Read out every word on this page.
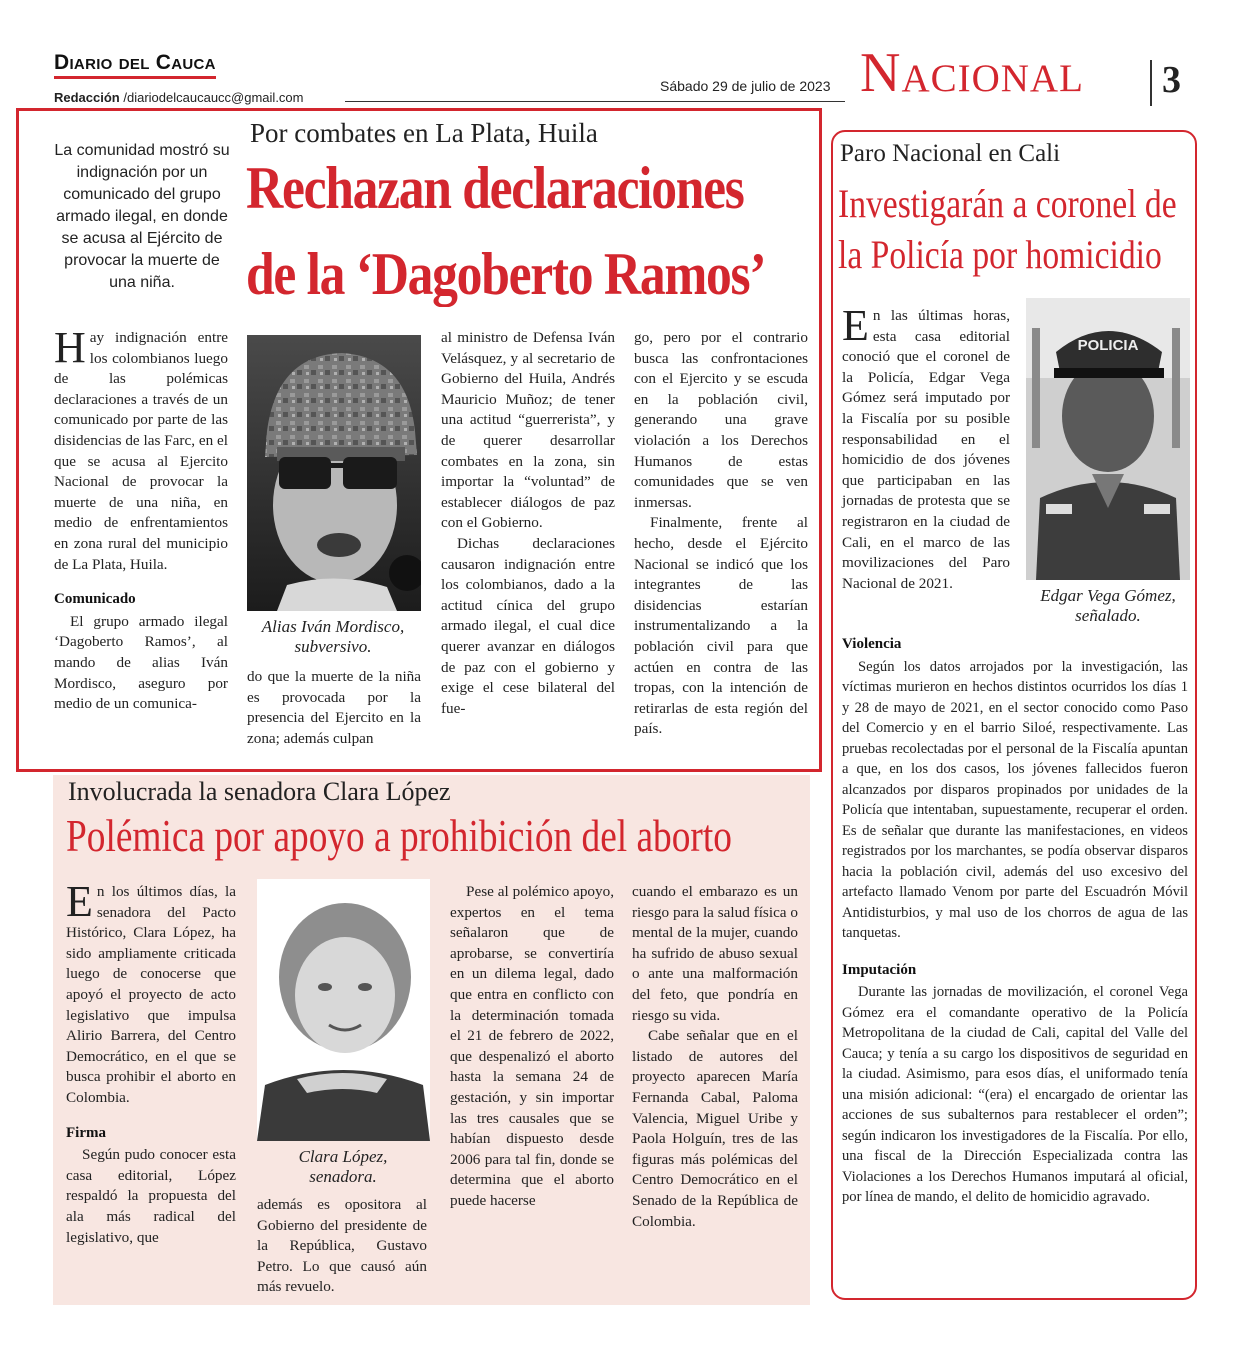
Diario del Cauca
Redacción /diariodelcaucaucc@gmail.com
Sábado 29 de julio de 2023 Nacional 3
La comunidad mostró su indignación por un comunicado del grupo armado ilegal, en donde se acusa al Ejército de provocar la muerte de una niña.
Por combates en La Plata, Huila
Rechazan declaraciones
de la ‘Dagoberto Ramos’

Hay indignación entre los colombianos luego de las polémicas declaraciones a través de un comunicado por parte de las disidencias de las Farc, en el que se acusa al Ejercito Nacional de provocar la muerte de una niña, en medio de enfrentamientos en zona rural del municipio de La Plata, Huila.

Comunicado

El grupo armado ilegal ‘Dagoberto Ramos’, al mando de alias Iván Mordisco, aseguro por medio de un comunica-

Alias Iván Mordisco,
subversivo.

do que la muerte de la niña es provocada por la presencia del Ejercito en la zona; además culpan

al ministro de Defensa Iván Velásquez, y al secretario de Gobierno del Huila, Andrés Mauricio Muñoz; de tener una actitud “guerrerista”, y de querer desarrollar combates en la zona, sin importar la “voluntad” de establecer diálogos de paz con el Gobierno.

Dichas declaraciones causaron indignación entre los colombianos, dado a la actitud cínica del grupo armado ilegal, el cual dice querer avanzar en diálogos de paz con el gobierno y exige el cese bilateral del fue-

go, pero por el contrario busca las confrontaciones con el Ejercito y se escuda en la población civil, generando una grave violación a los Derechos Humanos de estas comunidades que se ven inmersas.

Finalmente, frente al hecho, desde el Ejército Nacional se indicó que los integrantes de las disidencias estarían instrumentalizando a la población civil para que actúen en contra de las tropas, con la intención de retirarlas de esta región del país.

Paro Nacional en Cali
Investigarán a coronel de
la Policía por homicidio

En las últimas horas, esta casa editorial conoció que el coronel de la Policía, Edgar Vega Gómez será imputado por la Fiscalía por su posible responsabilidad en el homicidio de dos jóvenes que participaban en las jornadas de protesta que se registraron en la ciudad de Cali, en el marco de las movilizaciones del Paro Nacional de 2021.

POLICIA
Edgar Vega Gómez,
señalado.
Violencia

Según los datos arrojados por la investigación, las víctimas murieron en hechos distintos ocurridos los días 1 y 28 de mayo de 2021, en el sector conocido como Paso del Comercio y en el barrio Siloé, respectivamente. Las pruebas recolectadas por el personal de la Fiscalía apuntan a que, en los dos casos, los jóvenes fallecidos fueron alcanzados por disparos propinados por unidades de la Policía que intentaban, supuestamente, recuperar el orden. Es de señalar que durante las manifestaciones, en videos registrados por los marchantes, se podía observar disparos hacia la población civil, además del uso excesivo del artefacto llamado Venom por parte del Escuadrón Móvil Antidisturbios, y mal uso de los chorros de agua de las tanquetas.

Imputación

Durante las jornadas de movilización, el coronel Vega Gómez era el comandante operativo de la Policía Metropolitana de la ciudad de Cali, capital del Valle del Cauca; y tenía a su cargo los dispositivos de seguridad en la ciudad. Asimismo, para esos días, el uniformado tenía una misión adicional: “(era) el encargado de orientar las acciones de sus subalternos para restablecer el orden”; según indicaron los investigadores de la Fiscalía. Por ello, una fiscal de la Dirección Especializada contra las Violaciones a los Derechos Humanos imputará al oficial, por línea de mando, el delito de homicidio agravado.

Involucrada la senadora Clara López
Polémica por apoyo a prohibición del aborto

En los últimos días, la senadora del Pacto Histórico, Clara López, ha sido ampliamente criticada luego de conocerse que apoyó el proyecto de acto legislativo que impulsa Alirio Barrera, del Centro Democrático, en el que se busca prohibir el aborto en Colombia.

Firma

Según pudo conocer esta casa editorial, López respaldó la propuesta del ala más radical del legislativo, que

Clara López,
senadora.

además es opositora al Gobierno del presidente de la República, Gustavo Petro. Lo que causó aún más revuelo.

Pese al polémico apoyo, expertos en el tema señalaron que de aprobarse, se convertiría en un dilema legal, dado que entra en conflicto con la determinación tomada el 21 de febrero de 2022, que despenalizó el aborto hasta la semana 24 de gestación, y sin importar las tres causales que se habían dispuesto desde 2006 para tal fin, donde se determina que el aborto puede hacerse

cuando el embarazo es un riesgo para la salud física o mental de la mujer, cuando ha sufrido de abuso sexual o ante una malformación del feto, que pondría en riesgo su vida.

Cabe señalar que en el listado de autores del proyecto aparecen María Fernanda Cabal, Paloma Valencia, Miguel Uribe y Paola Holguín, tres de las figuras más polémicas del Centro Democrático en el Senado de la República de Colombia.
